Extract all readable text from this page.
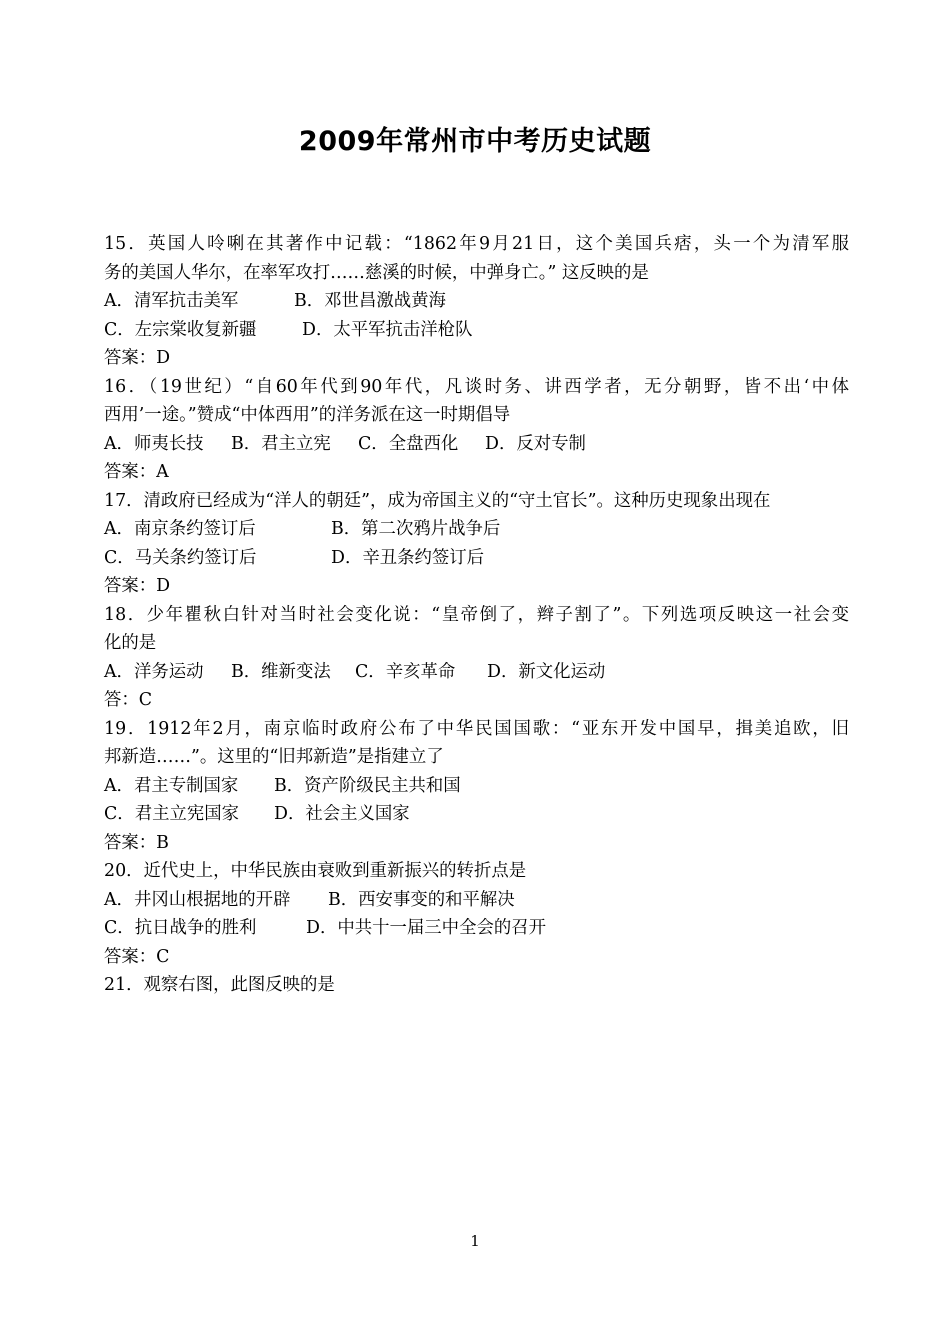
2009年常州市中考历史试题
15．英国人呤唎在其著作中记载：“1862年9月21日，这个美国兵痞，头一个为清军服
务的美国人华尔，在率军攻打……慈溪的时候，中弹身亡。” 这反映的是
A．清军抗击美军	B．邓世昌激战黄海
C．左宗棠收复新疆	D．太平军抗击洋枪队
答案：D
16．（19世纪）“自60年代到90年代，凡谈时务、讲西学者，无分朝野，皆不出‘中体
西用’一途。”赞成“中体西用”的洋务派在这一时期倡导
A．师夷长技 B．君主立宪 C．全盘西化 D．反对专制
答案：A
17．清政府已经成为“洋人的朝廷”，成为帝国主义的“守土官长”。这种历史现象出现在
A．南京条约签订后	B．第二次鸦片战争后
C．马关条约签订后	D．辛丑条约签订后
答案：D
18．少年瞿秋白针对当时社会变化说：“皇帝倒了，辫子割了”。下列选项反映这一社会变
化的是
A．洋务运动 B．维新变法 C．辛亥革命 D．新文化运动
答：C
19．1912年2月，南京临时政府公布了中华民国国歌：“亚东开发中国早，揖美追欧，旧
邦新造……”。这里的“旧邦新造”是指建立了
A．君主专制国家 B．资产阶级民主共和国
C．君主立宪国家 D．社会主义国家
答案：B
20．近代史上，中华民族由衰败到重新振兴的转折点是
A．井冈山根据地的开辟 B．西安事变的和平解决
C．抗日战争的胜利	D．中共十一届三中全会的召开
答案：C
21．观察右图，此图反映的是
1
